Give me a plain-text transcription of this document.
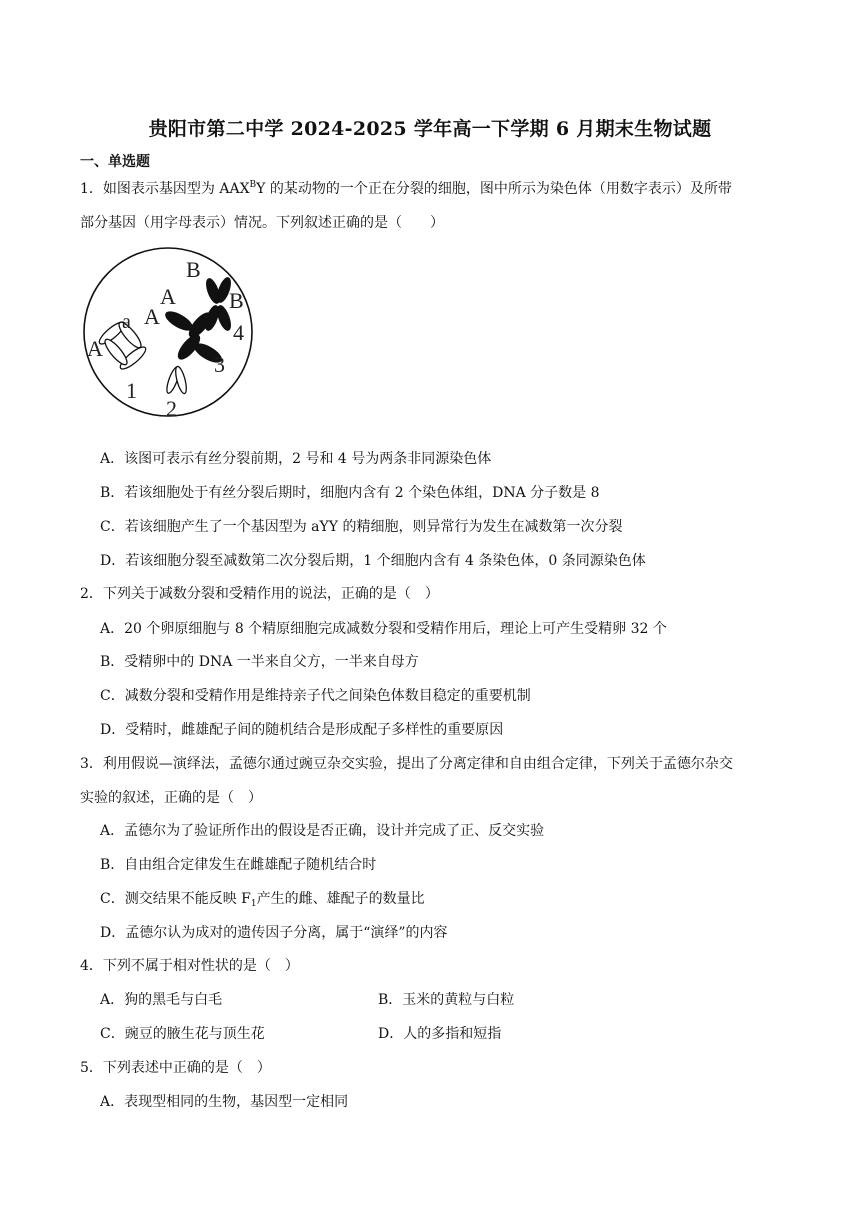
贵阳市第二中学 2024-2025 学年高一下学期 6 月期末生物试题
一、单选题
1．如图表示基因型为 $AAX^BY$ 的某动物的一个正在分裂的细胞，图中所示为染色体（用数字表示）及所带
部分基因（用字母表示）情况。下列叙述正确的是（　　）
A
a A
A
B
B
1
2
3
4
A．该图可表示有丝分裂前期，2 号和 4 号为两条非同源染色体
B．若该细胞处于有丝分裂后期时，细胞内含有 2 个染色体组，DNA 分子数是 8
C．若该细胞产生了一个基因型为 aYY 的精细胞，则异常行为发生在减数第一次分裂
D．若该细胞分裂至减数第二次分裂后期，1 个细胞内含有 4 条染色体，0 条同源染色体
2．下列关于减数分裂和受精作用的说法，正确的是（　）
A．20 个卵原细胞与 8 个精原细胞完成减数分裂和受精作用后，理论上可产生受精卵 32 个
B．受精卵中的 DNA 一半来自父方，一半来自母方
C．减数分裂和受精作用是维持亲子代之间染色体数目稳定的重要机制
D．受精时，雌雄配子间的随机结合是形成配子多样性的重要原因
3．利用假说—演绎法，孟德尔通过豌豆杂交实验，提出了分离定律和自由组合定律，下列关于孟德尔杂交
实验的叙述，正确的是（　）
A．孟德尔为了验证所作出的假设是否正确，设计并完成了正、反交实验
B．自由组合定律发生在雌雄配子随机结合时
C．测交结果不能反映 $F_1$产生的雌、雄配子的数量比
D．孟德尔认为成对的遗传因子分离，属于“演绎”的内容
4．下列不属于相对性状的是（　）
A．狗的黑毛与白毛	B．玉米的黄粒与白粒
C．豌豆的腋生花与顶生花	D．人的多指和短指
5．下列表述中正确的是（　）
A．表现型相同的生物，基因型一定相同
